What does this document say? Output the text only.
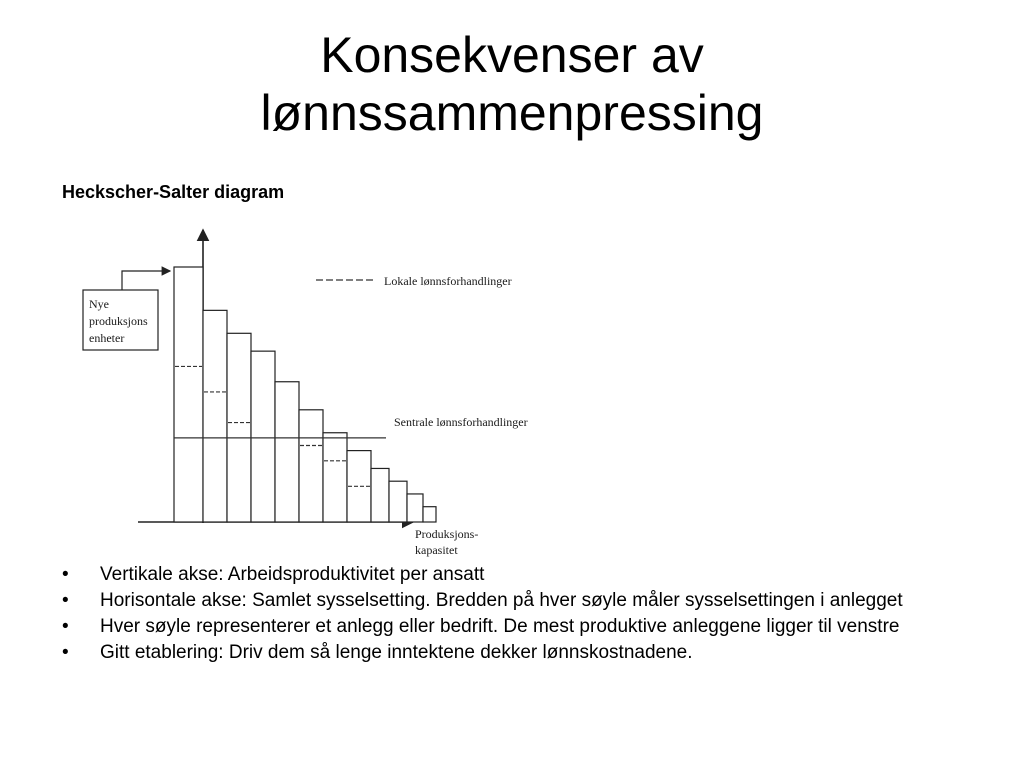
Konsekvenser av
lønnssammenpressing

Heckscher-Salter diagram

Nye
produksjons
enheter
Lokale lønnsforhandlinger
Sentrale lønnsforhandlinger
Produksjons-
kapasitet
• Vertikale akse: Arbeidsproduktivitet per ansatt
• Horisontale akse: Samlet sysselsetting. Bredden på hver søyle måler sysselsettingen i anlegget
• Hver søyle representerer et anlegg eller bedrift. De mest produktive anleggene ligger til venstre
• Gitt etablering: Driv dem så lenge inntektene dekker lønnskostnadene.
